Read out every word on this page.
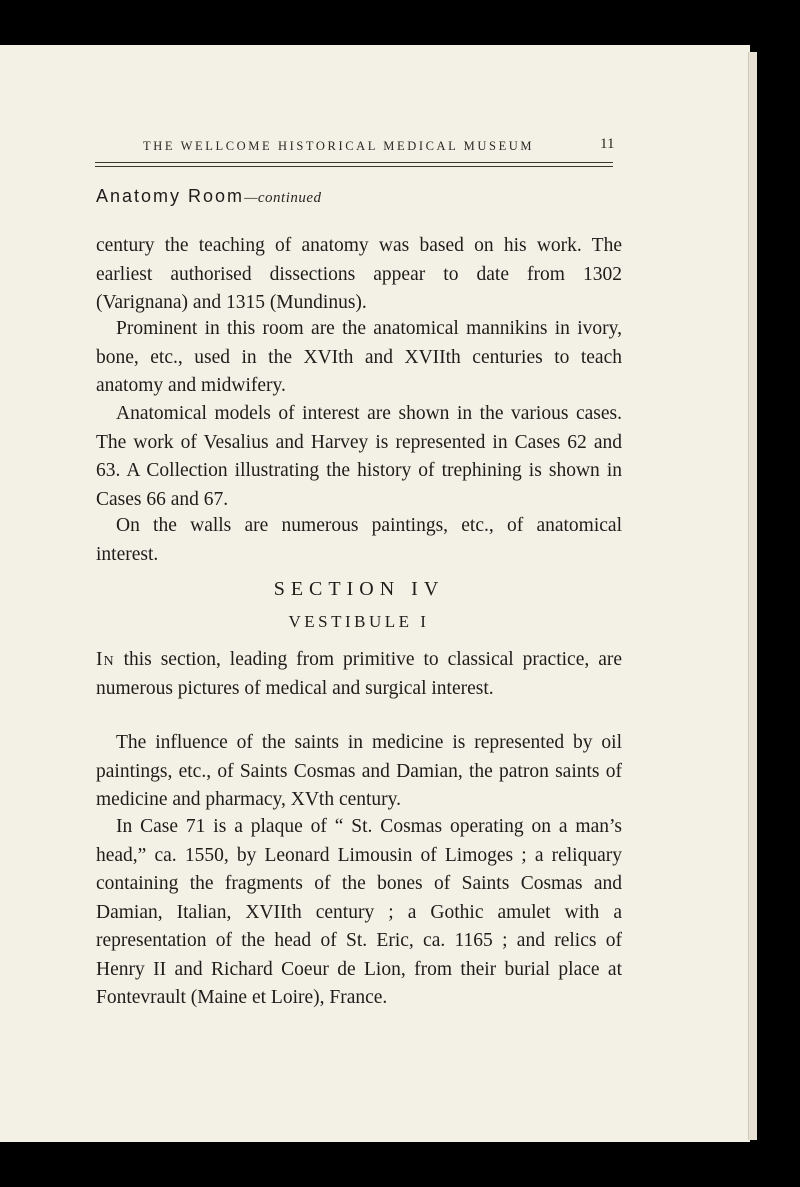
THE WELLCOME HISTORICAL MEDICAL MUSEUM	11
Anatomy Room—continued

century the teaching of anatomy was based on his work. The earliest authorised dissections appear to date from 1302 (Varignana) and 1315 (Mundinus).

Prominent in this room are the anatomical mannikins in ivory, bone, etc., used in the XVIth and XVIIth centuries to teach anatomy and midwifery.

Anatomical models of interest are shown in the various cases. The work of Vesalius and Harvey is represented in Cases 62 and 63. A Collection illustrating the history of trephining is shown in Cases 66 and 67.

On the walls are numerous paintings, etc., of anatomical interest.

SECTION IV
VESTIBULE I

In this section, leading from primitive to classical practice, are numerous pictures of medical and surgical interest.

The influence of the saints in medicine is represented by oil paintings, etc., of Saints Cosmas and Damian, the patron saints of medicine and pharmacy, XVth century.

In Case 71 is a plaque of “ St. Cosmas operating on a man’s head,” ca. 1550, by Leonard Limousin of Limoges ; a reliquary containing the fragments of the bones of Saints Cosmas and Damian, Italian, XVIIth century ; a Gothic amulet with a representation of the head of St. Eric, ca. 1165 ; and relics of Henry II and Richard Coeur de Lion, from their burial place at Fontevrault (Maine et Loire), France.
